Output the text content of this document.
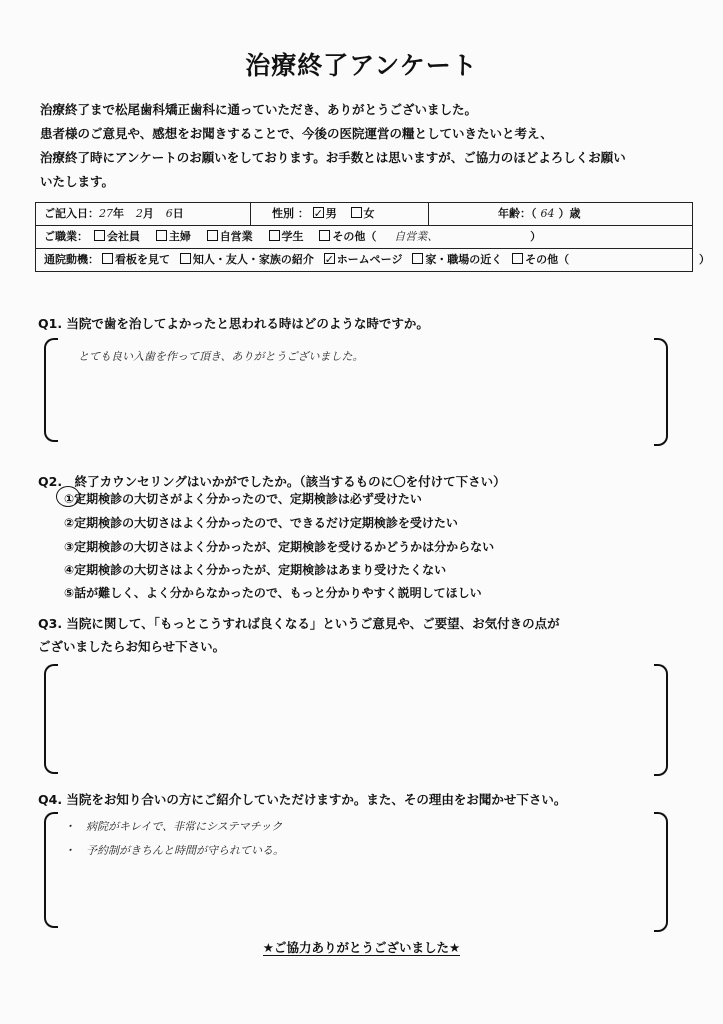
治療終了アンケート
治療終了まで松尾歯科矯正歯科に通っていただき、ありがとうございました。
患者様のご意見や、感想をお聞きすることで、今後の医院運営の糧としていきたいと考え、
治療終了時にアンケートのお願いをしております。お手数とは思いますが、ご協力のほどよろしくお願い
いたします。
ご記入日：27年 2月 6日	性別 ： ✓ 男 女	年齢：（ 64 ）歳
ご職業：	会社員	主婦	自営業	学生	その他（ 自営業、	）
通院動機：	看板を見て 知人・友人・家族の紹介 ✓ ホームページ 家・職場の近く その他（	）
Q1. 当院で歯を治してよかったと思われる時はどのような時ですか。
とても良い入歯を作って頂き、ありがとうございました。
Q2.　終了カウンセリングはいかがでしたか。（該当するものに〇を付けて下さい）
①定期検診の大切さがよく分かったので、定期検診は必ず受けたい
②定期検診の大切さはよく分かったので、できるだけ定期検診を受けたい
③定期検診の大切さはよく分かったが、定期検診を受けるかどうかは分からない
④定期検診の大切さはよく分かったが、定期検診はあまり受けたくない
⑤話が難しく、よく分からなかったので、もっと分かりやすく説明してほしい
Q3. 当院に関して、「もっとこうすれば良くなる」というご意見や、ご要望、お気付きの点が
ございましたらお知らせ下さい。
Q4. 当院をお知り合いの方にご紹介していただけますか。また、その理由をお聞かせ下さい。
・　病院がキレイで、非常にシステマチック
・　予約制がきちんと時間が守られている。
★ご協力ありがとうございました★
